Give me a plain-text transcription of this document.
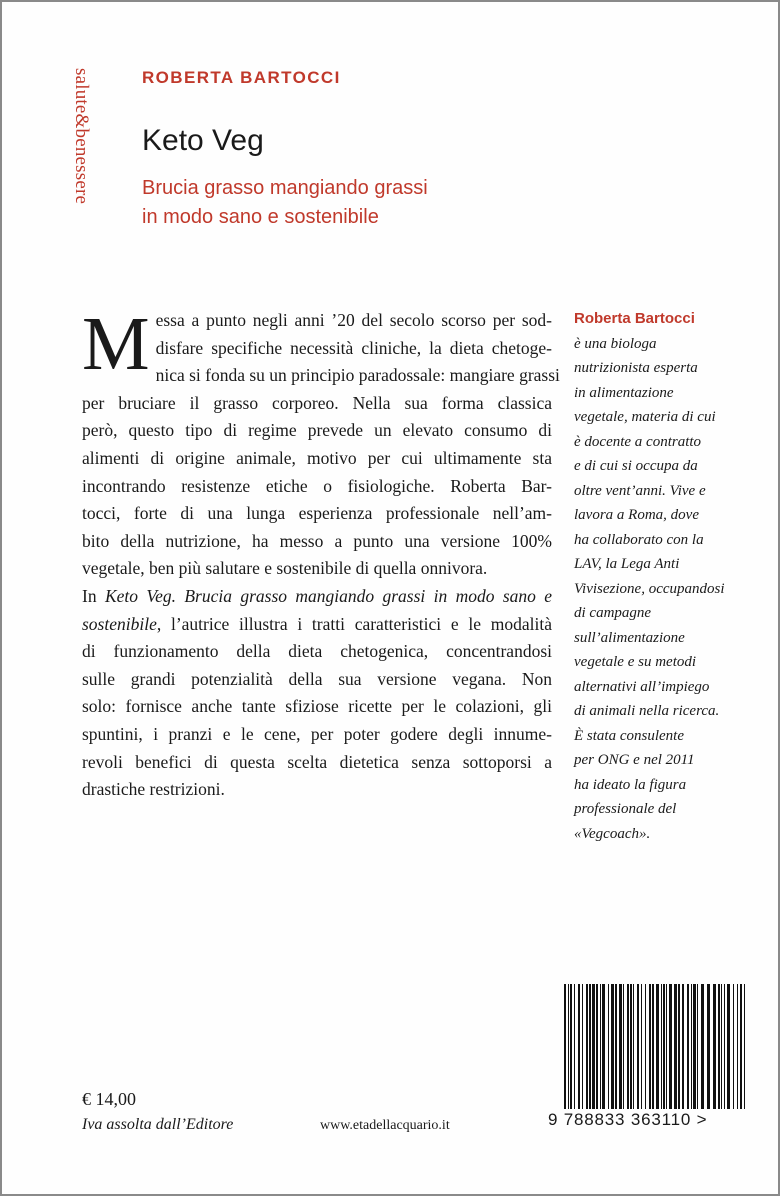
salute&benessere	ROBERTA BARTOCCI
Keto Veg
Brucia grasso mangiando grassi
in modo sano e sostenibile
M essa a punto negli anni ’20 del secolo scorso per sod-
disfare specifiche necessità cliniche, la dieta chetoge-
nica si fonda su un principio paradossale: mangiare grassi
per bruciare il grasso corporeo. Nella sua forma classica
però, questo tipo di regime prevede un elevato consumo di
alimenti di origine animale, motivo per cui ultimamente sta
incontrando resistenze etiche o fisiologiche. Roberta Bar-
tocci, forte di una lunga esperienza professionale nell’am-
bito della nutrizione, ha messo a punto una versione 100%
vegetale, ben più salutare e sostenibile di quella onnivora.
In Keto Veg. Brucia grasso mangiando grassi in modo sano e
sostenibile, l’autrice illustra i tratti caratteristici e le modalità
di funzionamento della dieta chetogenica, concentrandosi
sulle grandi potenzialità della sua versione vegana. Non
solo: fornisce anche tante sfiziose ricette per le colazioni, gli
spuntini, i pranzi e le cene, per poter godere degli innume-
revoli benefici di questa scelta dietetica senza sottoporsi a
drastiche restrizioni.
Roberta Bartocci
è una biologa
nutrizionista esperta
in alimentazione
vegetale, materia di cui
è docente a contratto
e di cui si occupa da
oltre vent’anni. Vive e
lavora a Roma, dove
ha collaborato con la
LAV, la Lega Anti
Vivisezione, occupandosi
di campagne
sull’alimentazione
vegetale e su metodi
alternativi all’impiego
di animali nella ricerca.
È stata consulente
per ONG e nel 2011
ha ideato la figura
professionale del
«Vegcoach».
€ 14,00
Iva assolta dall’Editore	www.etadellacquario.it	9 788833 363110 >
